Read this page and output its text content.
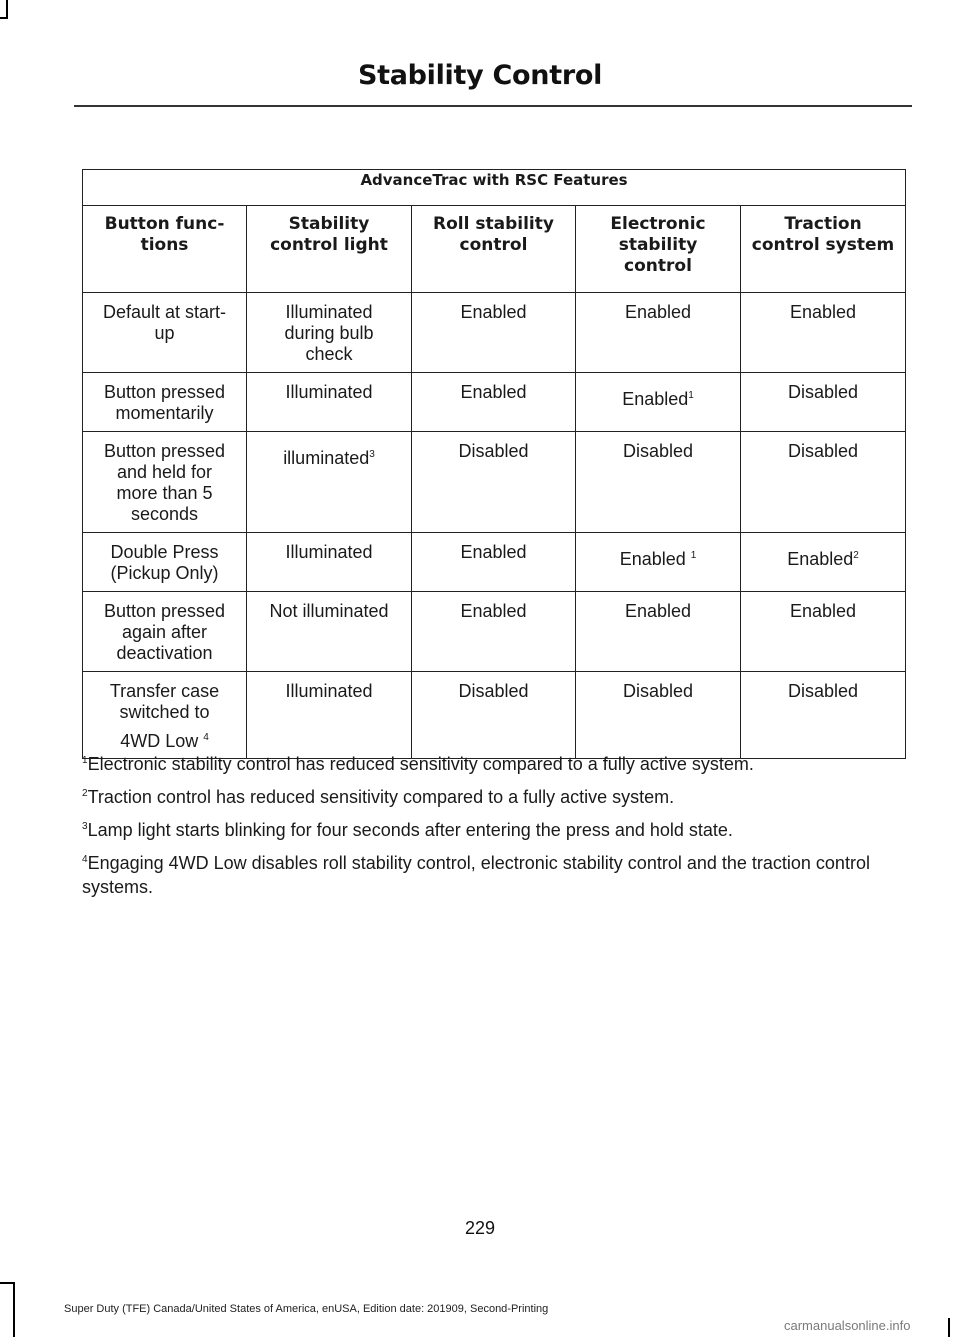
Stability Control
AdvanceTrac with RSC Features				
Button func-
tions	Stability
control light	Roll stability
control	Electronic
stability
control	Traction
control system
Default at start-
up	Illuminated
during bulb
check	Enabled	Enabled	Enabled
Button pressed
momentarily	Illuminated	Enabled	Enabled$^1$	Disabled
Button pressed
and held for
more than 5
seconds	illuminated$^3$	Disabled	Disabled	Disabled
Double Press
(Pickup Only)	Illuminated	Enabled	Enabled $^1$	Enabled$^2$
Button pressed
again after
deactivation	Not illuminated	Enabled	Enabled	Enabled
Transfer case
switched to
4WD Low $^4$	Illuminated	Disabled	Disabled	Disabled

$^1$Electronic stability control has reduced sensitivity compared to a fully active system.

$^2$Traction control has reduced sensitivity compared to a fully active system.

$^3$Lamp light starts blinking for four seconds after entering the press and hold state.

$^4$Engaging 4WD Low disables roll stability control, electronic stability control and the traction control systems.

229
Super Duty (TFE) Canada/United States of America, enUSA, Edition date: 201909, Second-Printing
carmanualsonline.info
